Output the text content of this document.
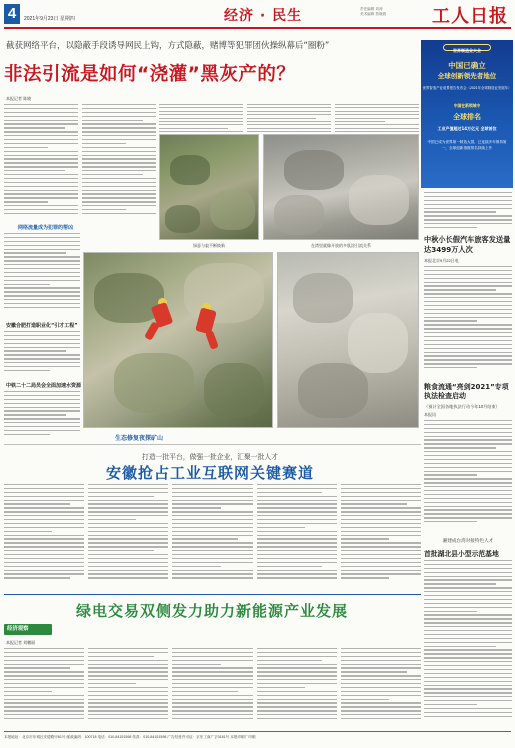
4	2021年9月23日 星期四	经济 · 民生	责任编辑 刘涛
美术编辑 蔡晓燕	工人日报
截获网络平台，以隐蔽手段诱导网民上钩，方式隐蔽，赌博等犯罪团伙操纵幕后“圈粉”
非法引流是如何“浇灌”黑灰产的？
本报记者 陈晓
网络流量成为犯罪的帮凶
安徽合肥打造职业化“引才工程”
中铁二十二局员会全面加速水资源
世界制造业大会
中国已确立
全球创新领先者地位
世界智造产业前景报告发布会（2021年全球制造业发展年）
中国在新领域中
全球排名
工业产值超过14万亿元 全球首位
中国已成为世界第一制造大国，已连续多年保持第一，全球创新指数排名持续上升
中秋小长假汽车旅客发送量达3499万人次
本报北京9月22日电
粮食流通“亮剑2021”专项执法检查启动
（预计全国各地执法行动今年10月结束）
本报讯
湘建成台湾对接特色人才
首批湖北县小型示范基地
绿意与寂不断焕新	在湾里就像开放的多肽涂引流关系
生态修复夜探矿山
打造一批平台，做强一批企业，汇聚一批人才
安徽抢占工业互联网关键赛道
绿电交易双侧发力助力新能源产业发展
经济观察
本报记者 刘鹏丽
本报地址：北京市东城区安德路甲61号 邮政编码：100718 电话：010-84151598 传真：010-84151598 广告经营许可证：京东工商广字0181号 本报印刷厂印刷
